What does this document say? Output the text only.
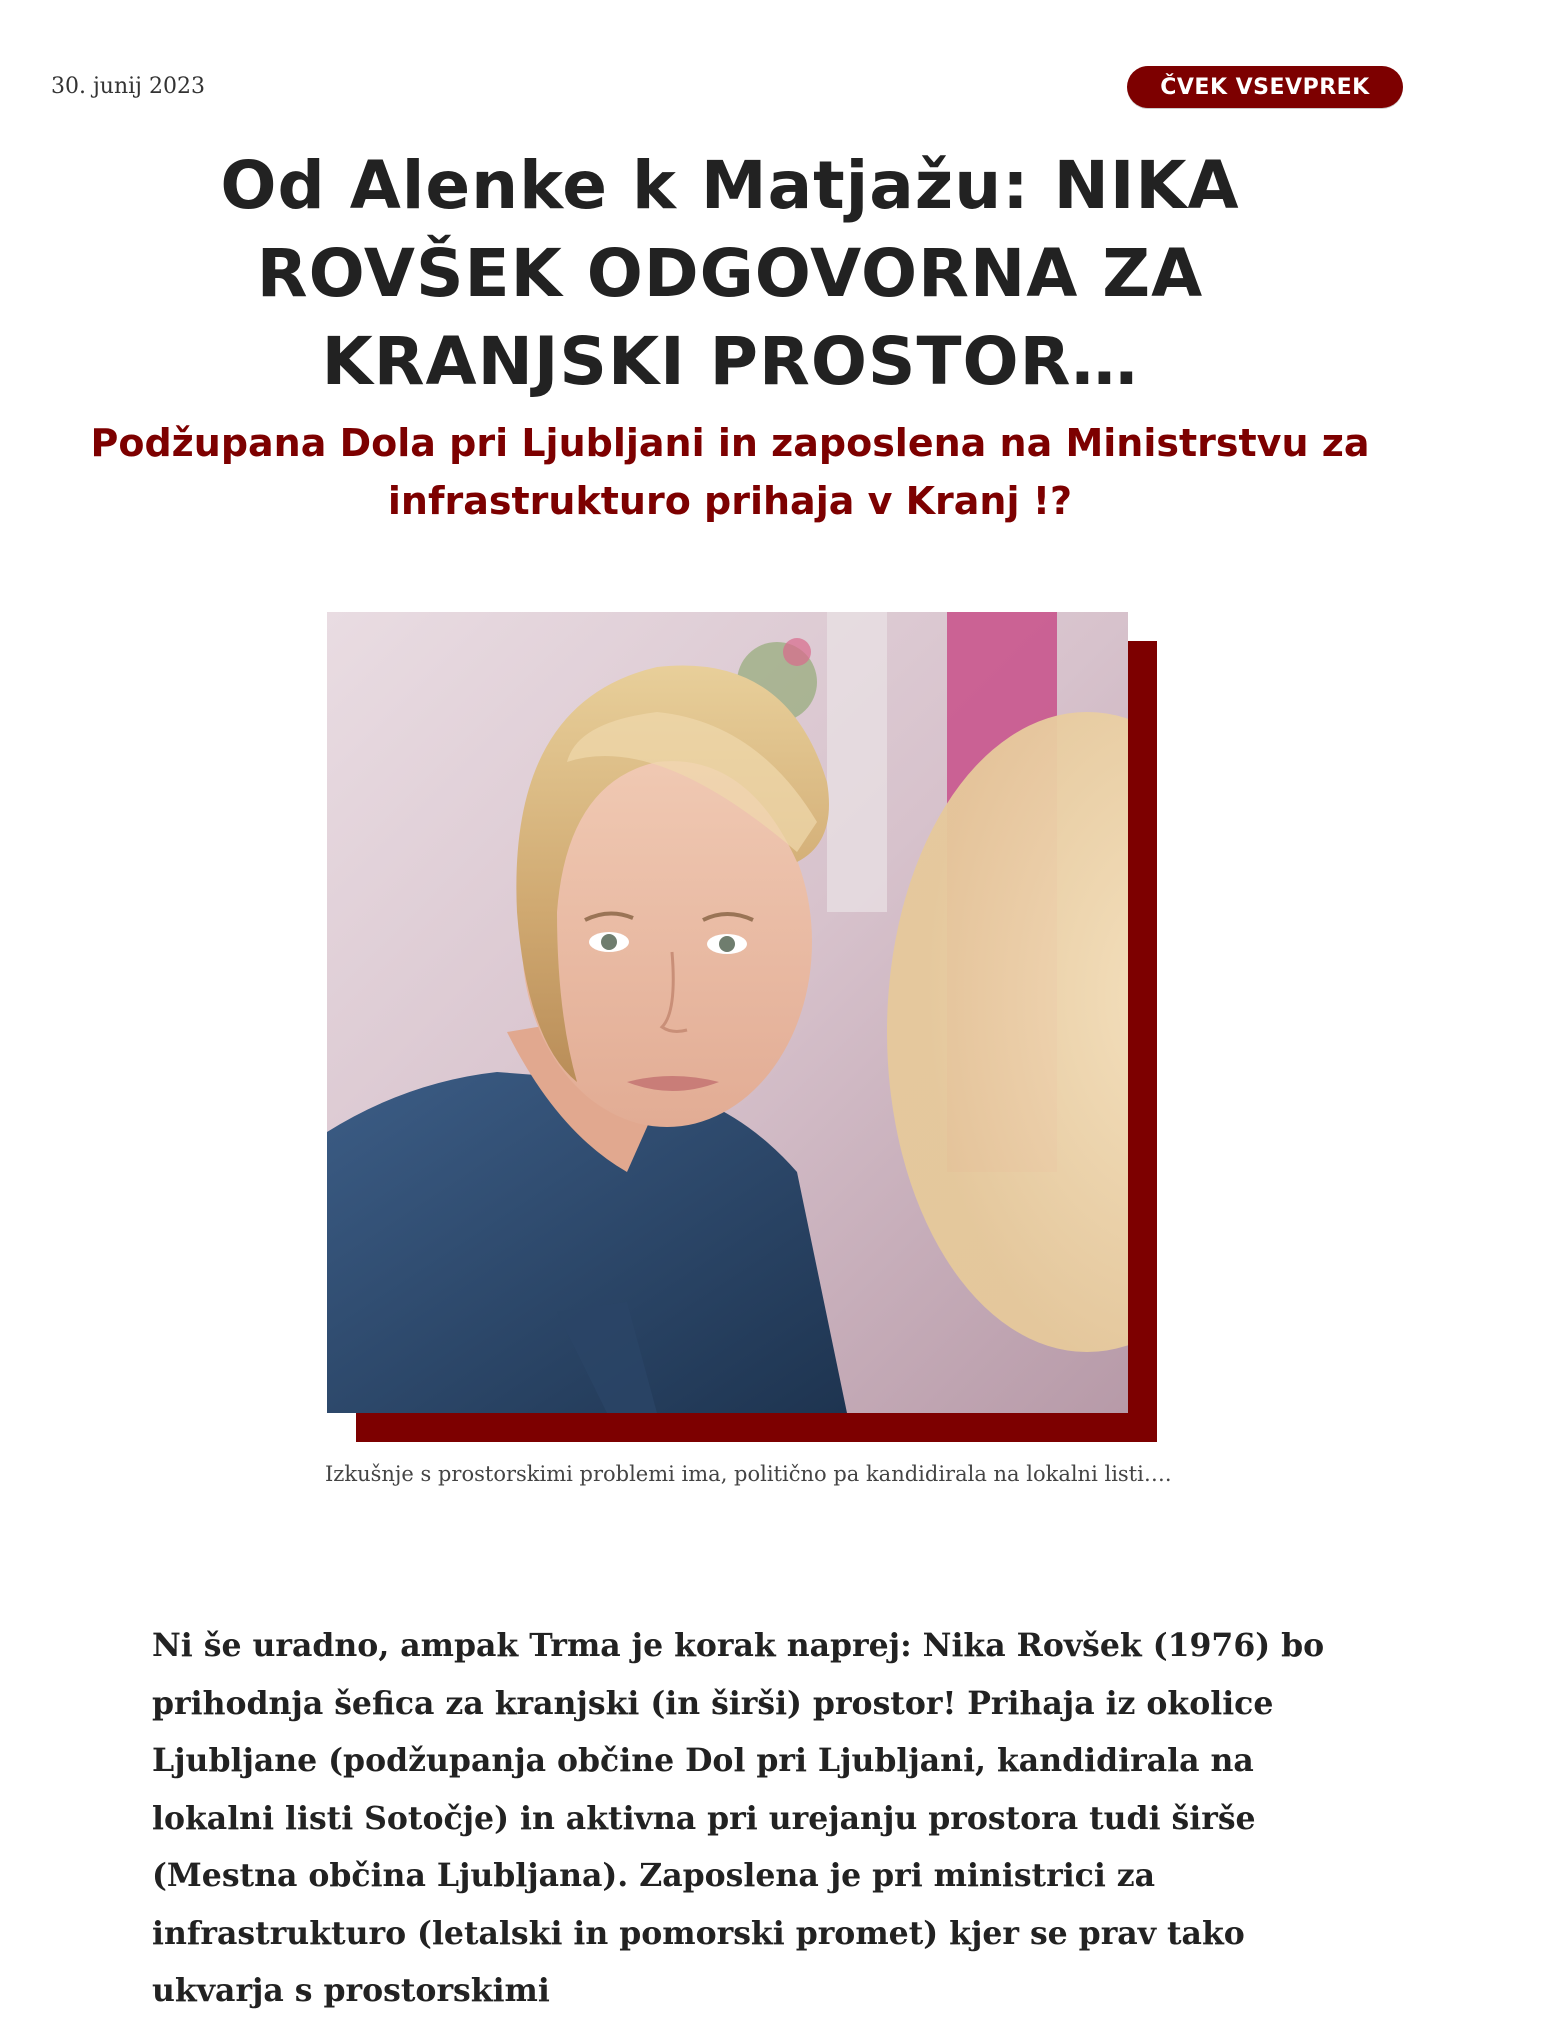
30. junij 2023	ČVEK VSEVPREK
Od Alenke k Matjažu: NIKA ROVŠEK ODGOVORNA ZA KRANJSKI PROSTOR…
Podžupana Dola pri Ljubljani in zaposlena na Ministrstvu za infrastrukturo prihaja v Kranj !?
Izkušnje s prostorskimi problemi ima, politično pa kandidirala na lokalni listi….

Ni še uradno, ampak Trma je korak naprej: Nika Rovšek (1976) bo prihodnja šefica za kranjski (in širši) prostor! Prihaja iz okolice Ljubljane (podžupanja občine Dol pri Ljubljani, kandidirala na lokalni listi Sotočje) in aktivna pri urejanju prostora tudi širše (Mestna občina Ljubljana). Zaposlena je pri ministrici za infrastrukturo (letalski in pomorski promet) kjer se prav tako ukvarja s prostorskimi
